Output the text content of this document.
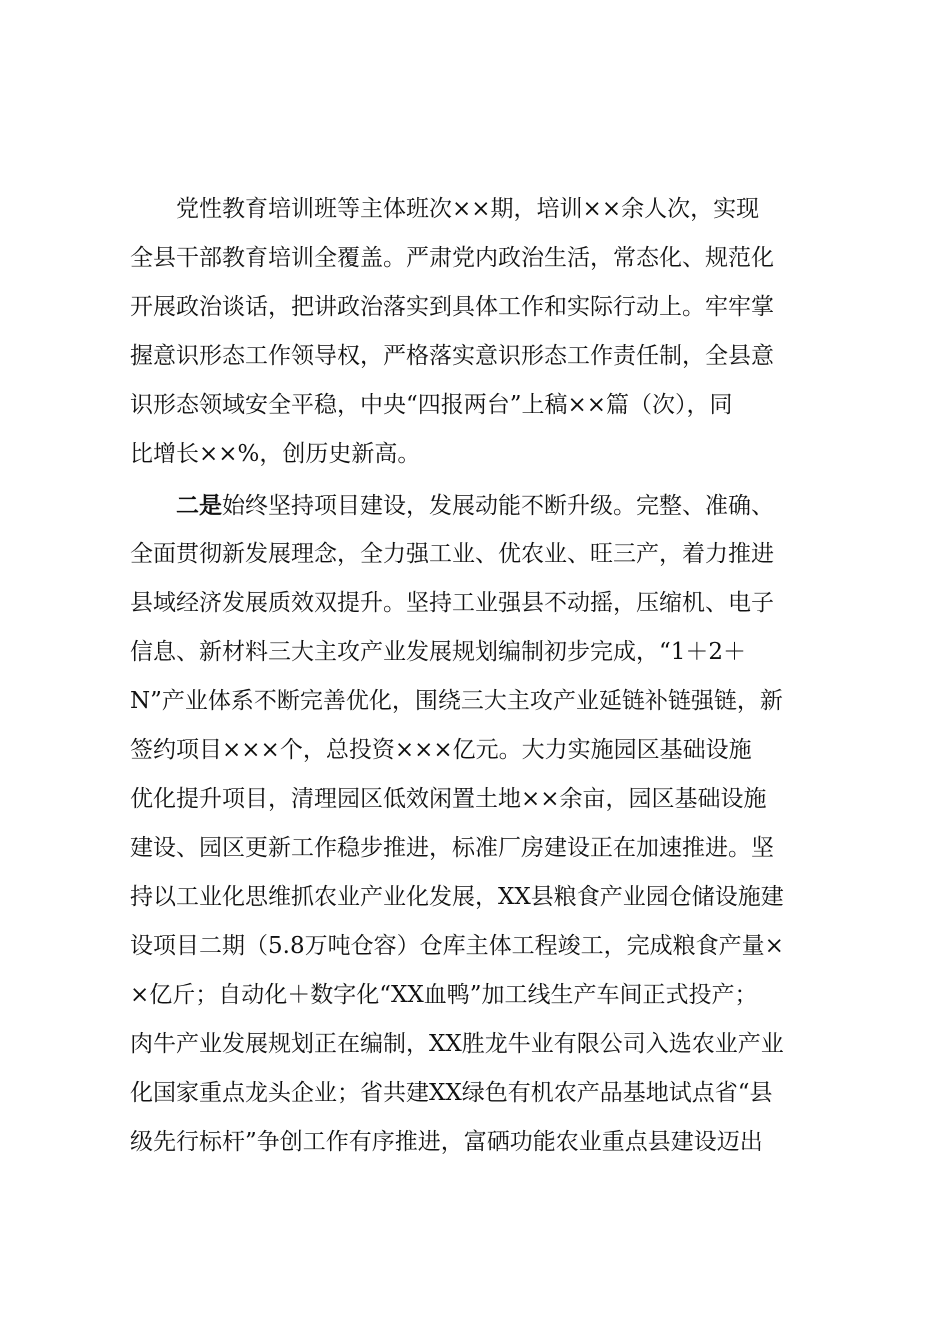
党性教育培训班等主体班次××期，培训××余人次，实现
全县干部教育培训全覆盖。严肃党内政治生活，常态化、规范化
开展政治谈话，把讲政治落实到具体工作和实际行动上。牢牢掌
握意识形态工作领导权，严格落实意识形态工作责任制，全县意
识形态领域安全平稳，中央“四报两台”上稿××篇（次），同
比增长××%，创历史新高。
二是始终坚持项目建设，发展动能不断升级。完整、准确、
全面贯彻新发展理念，全力强工业、优农业、旺三产，着力推进
县域经济发展质效双提升。坚持工业强县不动摇，压缩机、电子
信息、新材料三大主攻产业发展规划编制初步完成，“1＋2＋
N”产业体系不断完善优化，围绕三大主攻产业延链补链强链，新
签约项目×××个，总投资×××亿元。大力实施园区基础设施
优化提升项目，清理园区低效闲置土地××余亩，园区基础设施
建设、园区更新工作稳步推进，标准厂房建设正在加速推进。坚
持以工业化思维抓农业产业化发展，XX县粮食产业园仓储设施建
设项目二期（5.8万吨仓容）仓库主体工程竣工，完成粮食产量×
×亿斤；自动化＋数字化“XX血鸭”加工线生产车间正式投产；
肉牛产业发展规划正在编制，XX胜龙牛业有限公司入选农业产业
化国家重点龙头企业；省共建XX绿色有机农产品基地试点省“县
级先行标杆”争创工作有序推进，富硒功能农业重点县建设迈出
